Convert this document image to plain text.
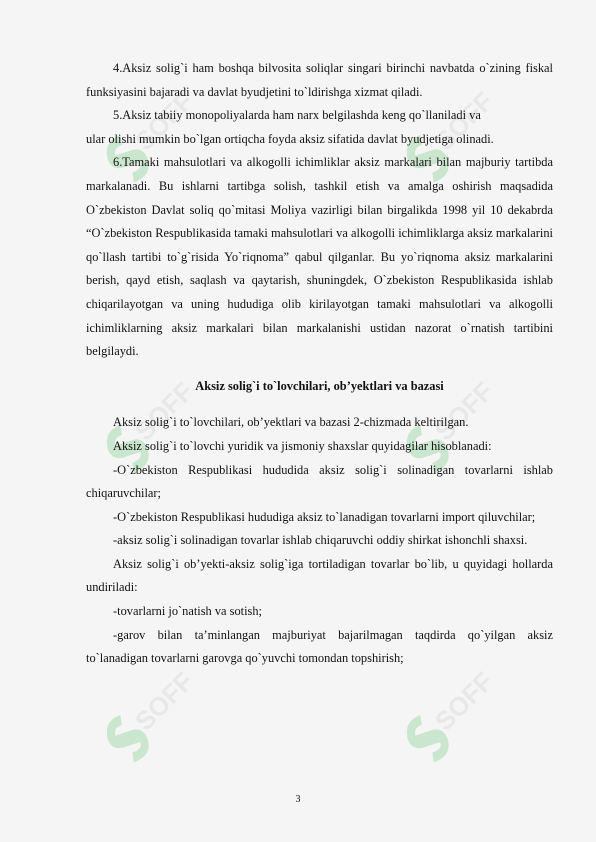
SOFF	SOFF
SOFF	SOFF
SOFF	SOFF

4.Aksiz solig`i ham boshqa bilvosita soliqlar singari birinchi navbatda o`zining fiskal funksiyasini bajaradi va davlat byudjetini to`ldirishga xizmat qiladi.

5.Aksiz tabiiy monopoliyalarda ham narx belgilashda keng qo`llaniladi va

ular olishi mumkin bo`lgan ortiqcha foyda aksiz sifatida davlat byudjetiga olinadi.

6.Tamaki mahsulotlari va alkogolli ichimliklar aksiz markalari bilan majburiy tartibda markalanadi. Bu ishlarni tartibga solish, tashkil etish va amalga oshirish maqsadida O`zbekiston Davlat soliq qo`mitasi Moliya vazirligi bilan birgalikda 1998 yil 10 dekabrda “O`zbekiston Respublikasida tamaki mahsulotlari va alkogolli ichimliklarga aksiz markalarini qo`llash tartibi to`g`risida Yo`riqnoma” qabul qilganlar. Bu yo`riqnoma aksiz markalarini berish, qayd etish, saqlash va qaytarish, shuningdek, O`zbekiston Respublikasida ishlab chiqarilayotgan va uning hududiga olib kirilayotgan tamaki mahsulotlari va alkogolli ichimliklarning aksiz markalari bilan markalanishi ustidan nazorat o`rnatish tartibini belgilaydi.

Aksiz solig`i to`lovchilari, ob’yektlari va bazasi

Aksiz solig`i to`lovchilari, ob’yektlari va bazasi 2-chizmada keltirilgan.

Aksiz solig`i to`lovchi yuridik va jismoniy shaxslar quyidagilar hisoblanadi:

-O`zbekiston Respublikasi hududida aksiz solig`i solinadigan tovarlarni ishlab chiqaruvchilar;

-O`zbekiston Respublikasi hududiga aksiz to`lanadigan tovarlarni import qiluvchilar;

-aksiz solig`i solinadigan tovarlar ishlab chiqaruvchi oddiy shirkat ishonchli shaxsi.

Aksiz solig`i ob’yekti-aksiz solig`iga tortiladigan tovarlar bo`lib, u quyidagi hollarda undiriladi:

-tovarlarni jo`natish va sotish;

-garov bilan ta’minlangan majburiyat bajarilmagan taqdirda qo`yilgan aksiz to`lanadigan tovarlarni garovga qo`yuvchi tomondan topshirish;

3
